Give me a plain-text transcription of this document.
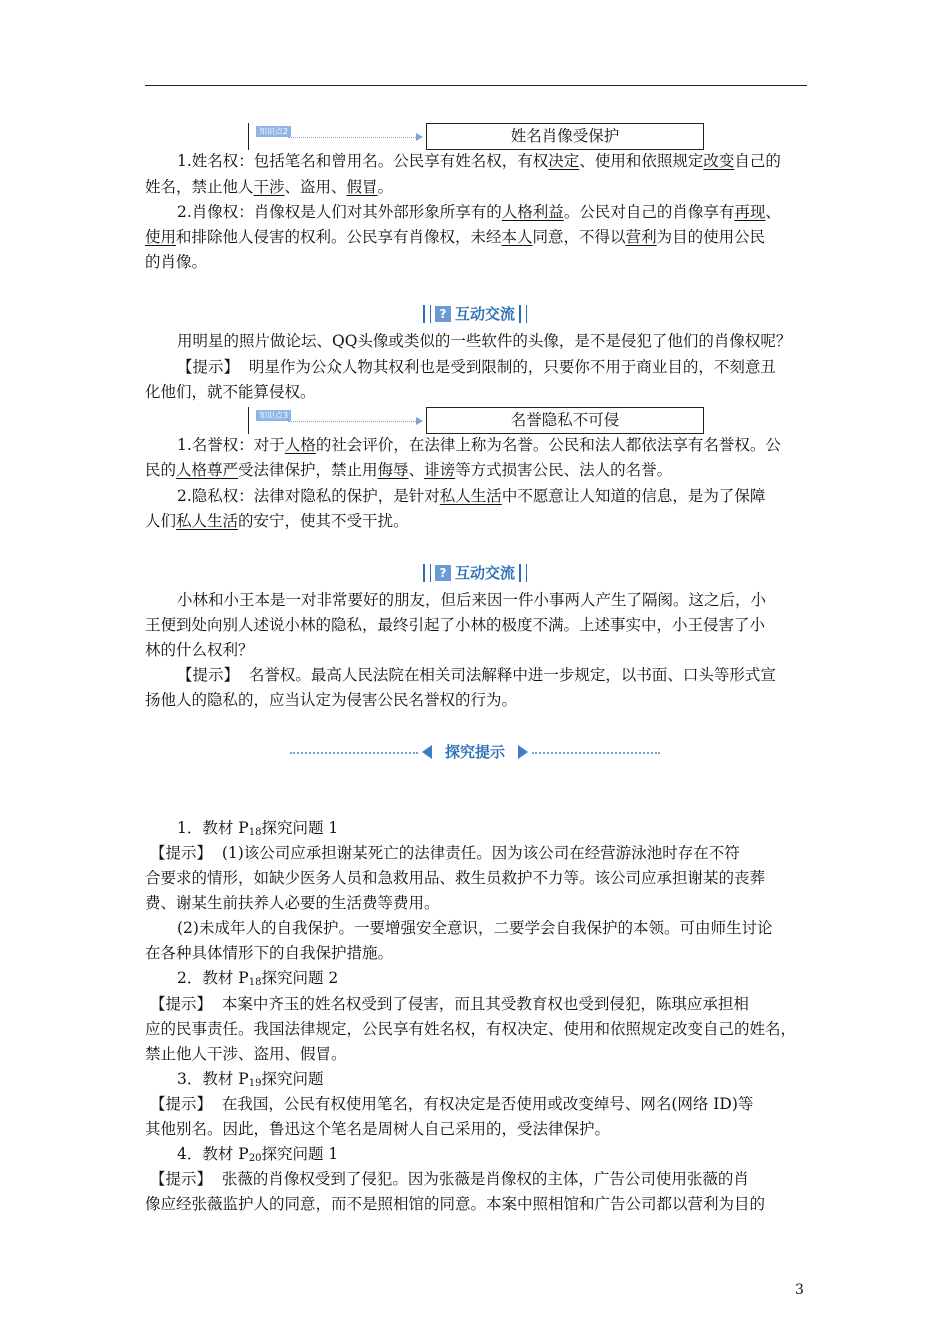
知识点2	姓名肖像受保护
1.姓名权：包括笔名和曾用名。公民享有姓名权，有权决定、使用和依照规定改变自己的
姓名，禁止他人干涉、盗用、假冒。
2.肖像权：肖像权是人们对其外部形象所享有的人格利益。公民对自己的肖像享有再现、
使用和排除他人侵害的权利。公民享有肖像权，未经本人同意，不得以营利为目的使用公民
的肖像。
? 互动交流
用明星的照片做论坛、QQ头像或类似的一些软件的头像，是不是侵犯了他们的肖像权呢？
【提示】 明星作为公众人物其权利也是受到限制的，只要你不用于商业目的，不刻意丑
化他们，就不能算侵权。
知识点3	名誉隐私不可侵
1.名誉权：对于人格的社会评价，在法律上称为名誉。公民和法人都依法享有名誉权。公
民的人格尊严受法律保护，禁止用侮辱、诽谤等方式损害公民、法人的名誉。
2.隐私权：法律对隐私的保护，是针对私人生活中不愿意让人知道的信息，是为了保障
人们私人生活的安宁，使其不受干扰。
? 互动交流
小林和小王本是一对非常要好的朋友，但后来因一件小事两人产生了隔阂。这之后，小
王便到处向别人述说小林的隐私，最终引起了小林的极度不满。上述事实中，小王侵害了小
林的什么权利？
【提示】 名誉权。最高人民法院在相关司法解释中进一步规定，以书面、口头等形式宣
扬他人的隐私的，应当认定为侵害公民名誉权的行为。
探究提示
1．教材 $P_{18}$探究问题 1
【提示】 (1)该公司应承担谢某死亡的法律责任。因为该公司在经营游泳池时存在不符
合要求的情形，如缺少医务人员和急救用品、救生员救护不力等。该公司应承担谢某的丧葬
费、谢某生前扶养人必要的生活费等费用。
(2)未成年人的自我保护。一要增强安全意识，二要学会自我保护的本领。可由师生讨论
在各种具体情形下的自我保护措施。
2．教材 $P_{18}$探究问题 2
【提示】 本案中齐玉的姓名权受到了侵害，而且其受教育权也受到侵犯，陈琪应承担相
应的民事责任。我国法律规定，公民享有姓名权，有权决定、使用和依照规定改变自己的姓名，
禁止他人干涉、盗用、假冒。
3．教材 $P_{19}$探究问题
【提示】 在我国，公民有权使用笔名，有权决定是否使用或改变绰号、网名(网络 ID)等
其他别名。因此，鲁迅这个笔名是周树人自己采用的，受法律保护。
4．教材 $P_{20}$探究问题 1
【提示】 张薇的肖像权受到了侵犯。因为张薇是肖像权的主体，广告公司使用张薇的肖
像应经张薇监护人的同意，而不是照相馆的同意。本案中照相馆和广告公司都以营利为目的
3
